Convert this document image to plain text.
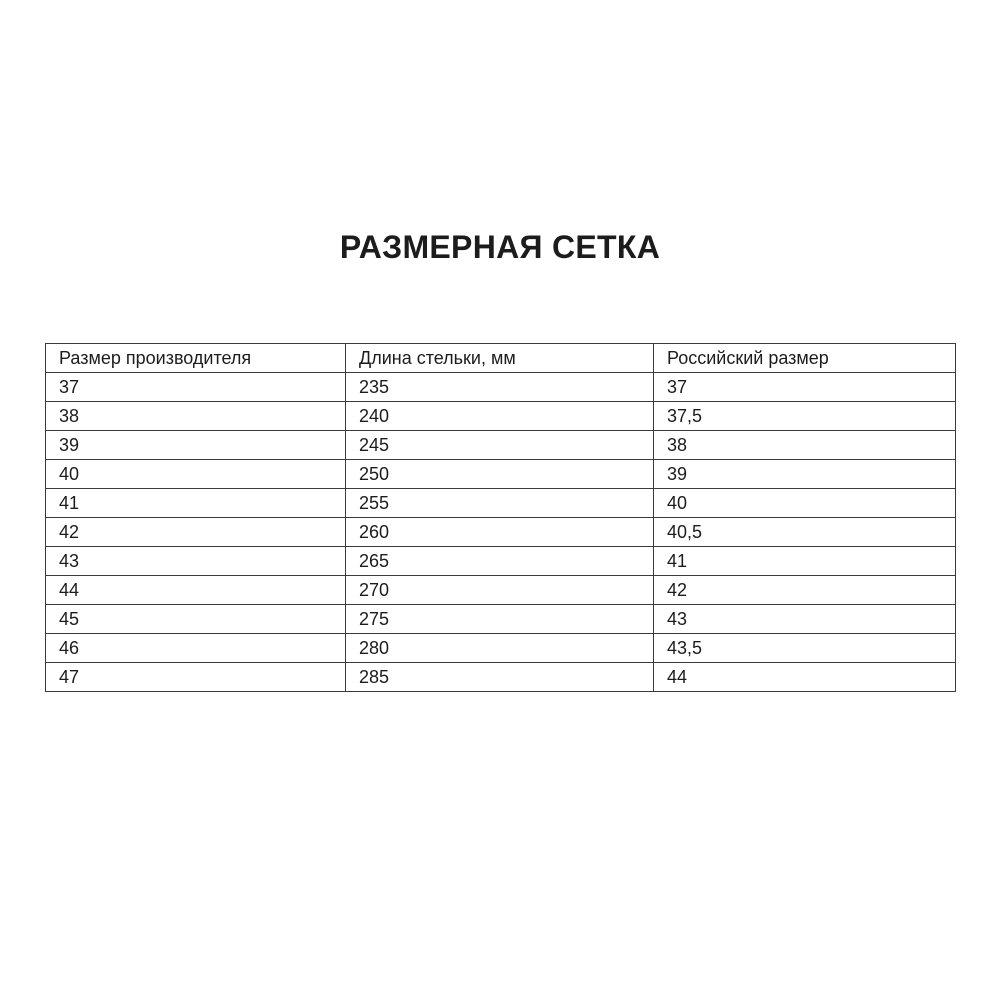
РАЗМЕРНАЯ СЕТКА
Размер производителя	Длина стельки, мм	Российский размер
37	235	37
38	240	37,5
39	245	38
40	250	39
41	255	40
42	260	40,5
43	265	41
44	270	42
45	275	43
46	280	43,5
47	285	44
